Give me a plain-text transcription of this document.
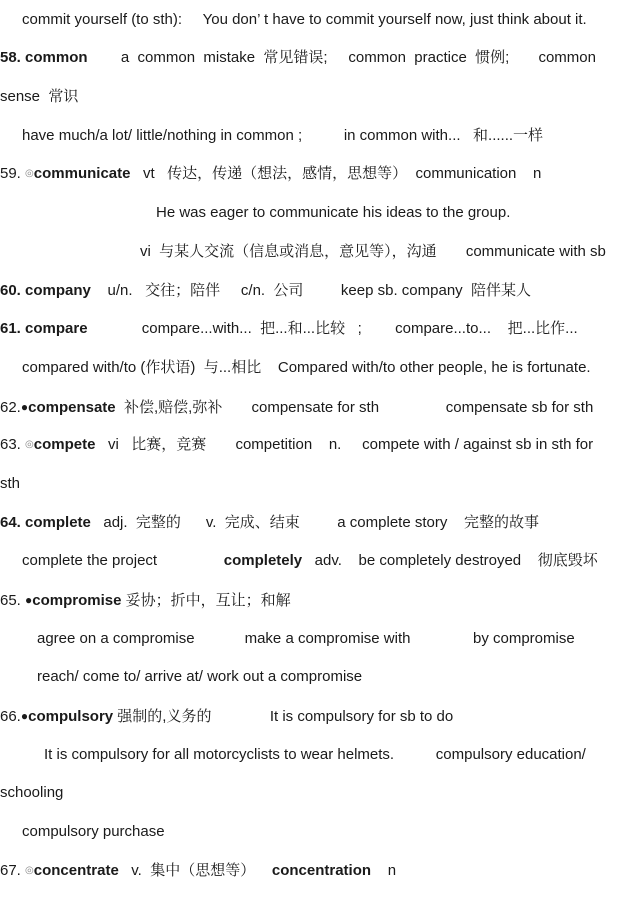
commit yourself (to sth):     You don’ t have to commit yourself now, just think about it.
58. common        a  common  mistake  常见错误;     common  practice  惯例;       common
sense  常识
have much/a lot/ little/nothing in common ;          in common with...   和......一样
59. ◎communicate   vt   传达，传递（想法，感情，思想等）  communication    n
He was eager to communicate his ideas to the group.
vi  与某人交流（信息或消息，意见等），沟通       communicate with sb
60. company    u/n.   交往；陪伴     c/n.  公司         keep sb. company  陪伴某人
61. compare             compare...with...  把...和...比较   ;        compare...to...    把...比作...
compared with/to (作状语)  与...相比    Compared with/to other people, he is fortunate.
62.●compensate  补偿,赔偿,弥补       compensate for sth                compensate sb for sth
63. ◎compete   vi   比赛，竞赛       competition    n.     compete with / against sb in sth for
sth
64. complete   adj.  完整的      v.  完成、结束         a complete story    完整的故事
complete the project                completely   adv.    be completely destroyed    彻底毁坏
65. ●compromise 妥协；折中，互让；和解
agree on a compromise            make a compromise with               by compromise
reach/ come to/ arrive at/ work out a compromise
66.●compulsory 强制的,义务的              It is compulsory for sb to do
It is compulsory for all motorcyclists to wear helmets.          compulsory education/
schooling
compulsory purchase
67. ◎concentrate   v.  集中（思想等）    concentration    n
